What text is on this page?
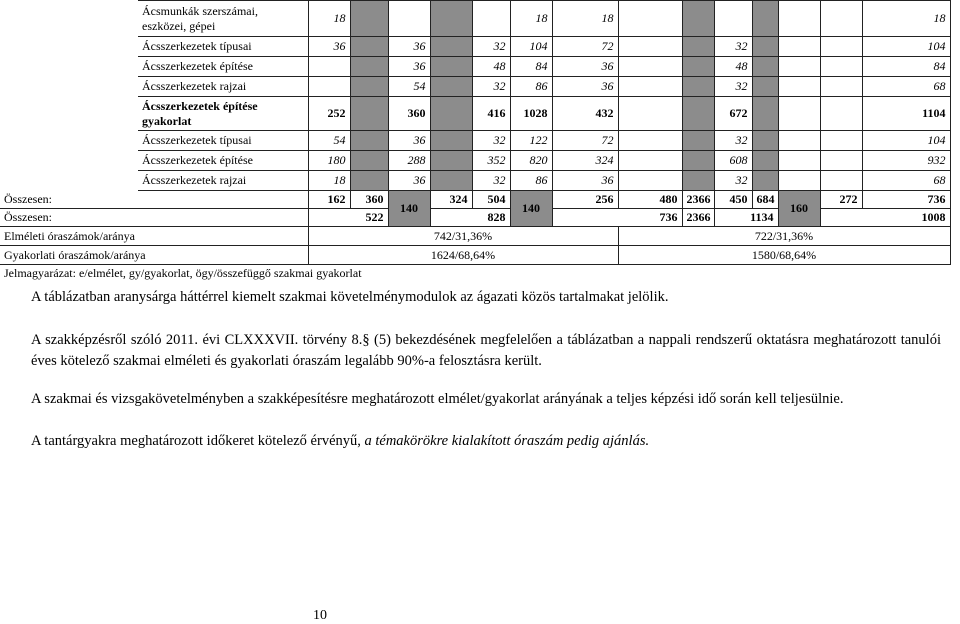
	Ácsmunkák szerszámai, eszközei, gépei	18					18	18							18	
	Ácsszerkezetek típusai	36		36		32	104	72			32				104	
	Ácsszerkezetek építése			36		48	84	36			48				84	
	Ácsszerkezetek rajzai			54		32	86	36			32				68	
	Ácsszerkezetek építése gyakorlat	252		360		416	1028	432			672				1104	
	Ácsszerkezetek típusai	54		36		32	122	72			32				104	
	Ácsszerkezetek építése	180		288		352	820	324			608				932	
	Ácsszerkezetek rajzai	18		36		32	86	36			32				68	
Összesen:		162	360	140	324	504	140	256	480	2366	450	684	160	272	736	
Összesen:		522			828			736		2366	1134			1008	
Elméleti óraszámok/aránya		742/31,36%							722/31,36%							
Gyakorlati óraszámok/aránya		1624/68,64%							1580/68,64%							
Jelmagyarázat: e/elmélet, gy/gyakorlat, ögy/összefüggő szakmai gyakorlat
A táblázatban aranysárga háttérrel kiemelt szakmai követelménymodulok az ágazati közös tartalmakat jelölik.
A szakképzésről szóló 2011. évi CLXXXVII. törvény 8.§ (5) bekezdésének megfelelően a táblázatban a nappali rendszerű oktatásra meghatározott tanulói éves kötelező szakmai elméleti és gyakorlati óraszám legalább 90%-a felosztásra került.
A szakmai és vizsgakövetelményben a szakképesítésre meghatározott elmélet/gyakorlat arányának a teljes képzési idő során kell teljesülnie.
A tantárgyakra meghatározott időkeret kötelező érvényű, a témakörökre kialakított óraszám pedig ajánlás.
10
